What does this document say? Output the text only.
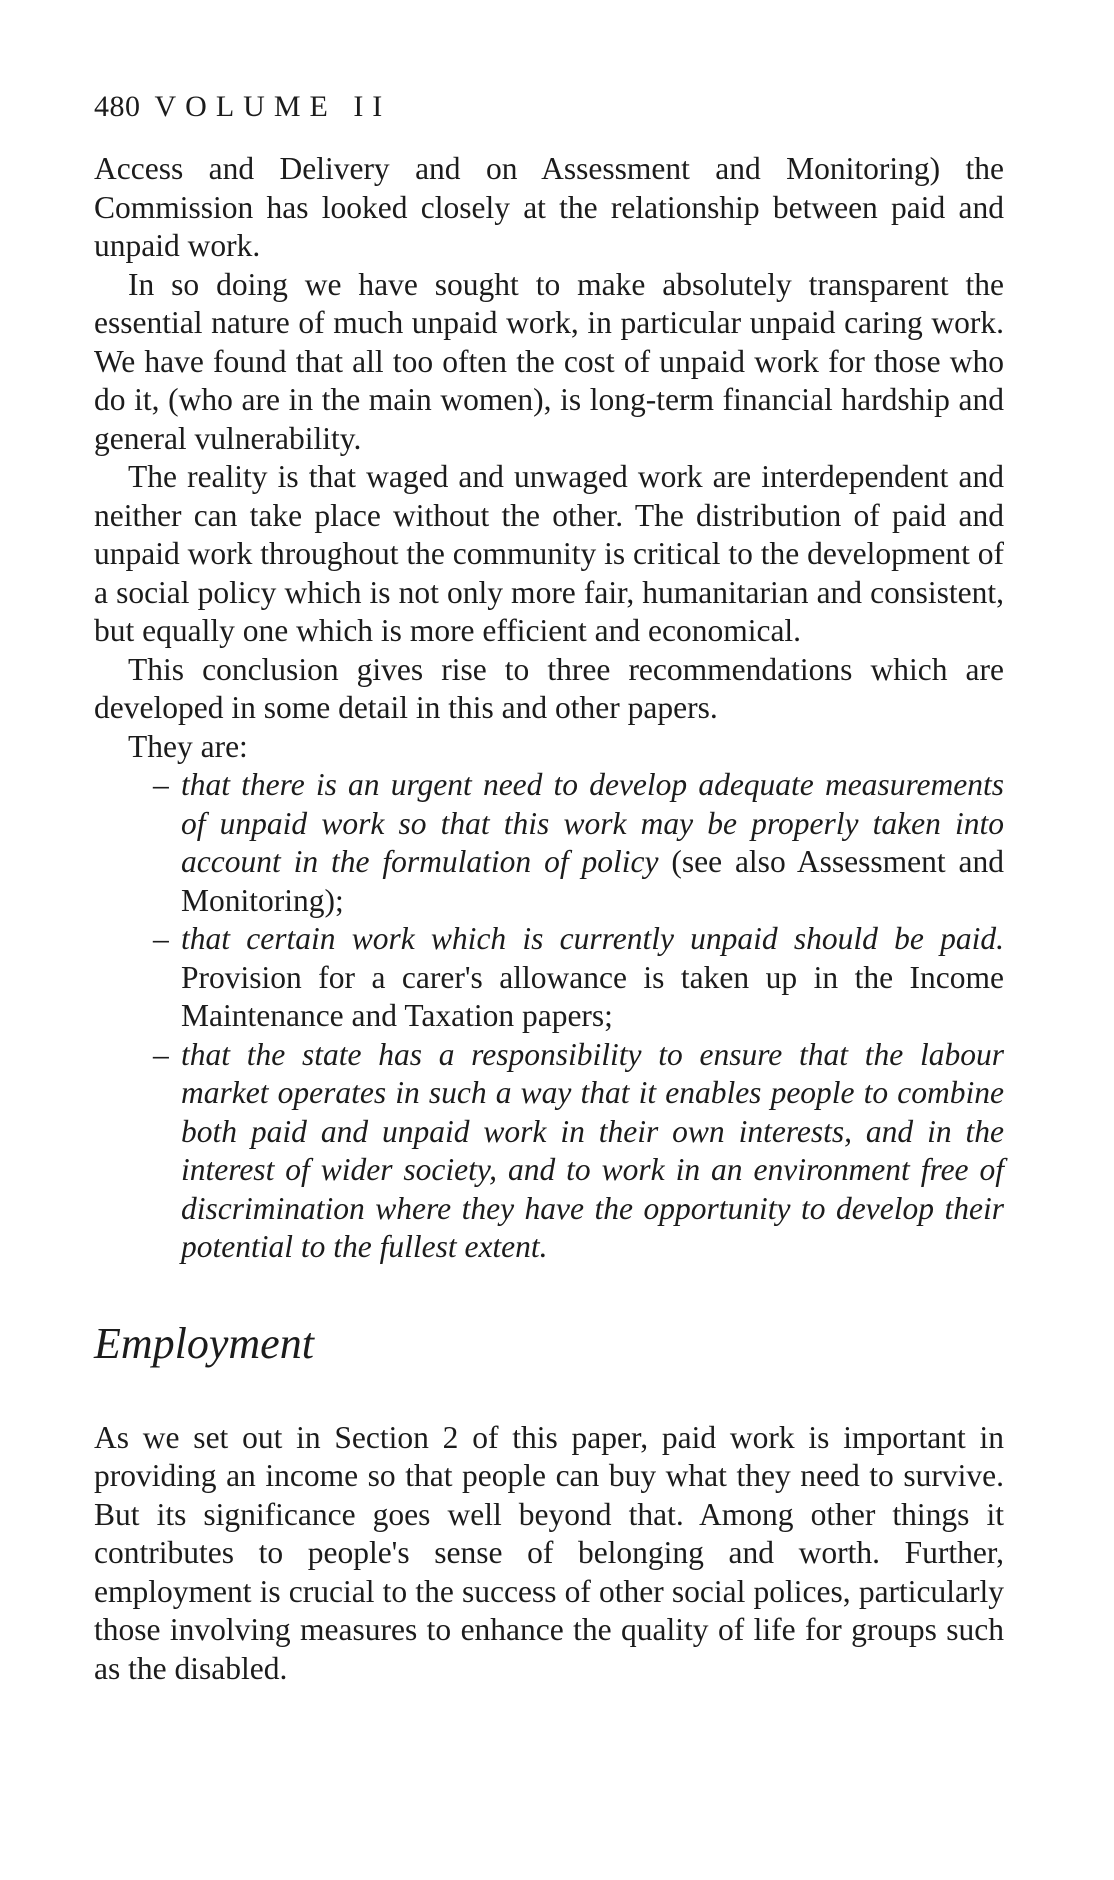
480 VOLUME II

Access and Delivery and on Assessment and Monitoring) the Commission has looked closely at the relationship between paid and unpaid work.

In so doing we have sought to make absolutely transparent the essential nature of much unpaid work, in particular unpaid caring work. We have found that all too often the cost of unpaid work for those who do it, (who are in the main women), is long-term financial hardship and general vulnerability.

The reality is that waged and unwaged work are interdependent and neither can take place without the other. The distribution of paid and unpaid work throughout the community is critical to the development of a social policy which is not only more fair, humanitarian and consistent, but equally one which is more efficient and economical.

This conclusion gives rise to three recommendations which are developed in some detail in this and other papers.

They are:

– that there is an urgent need to develop adequate measurements of unpaid work so that this work may be properly taken into account in the formulation of policy (see also Assessment and Monitoring);
– that certain work which is currently unpaid should be paid. Provision for a carer's allowance is taken up in the Income Maintenance and Taxation papers;
– that the state has a responsibility to ensure that the labour market operates in such a way that it enables people to combine both paid and unpaid work in their own interests, and in the interest of wider society, and to work in an environment free of discrimination where they have the opportunity to develop their potential to the fullest extent.
Employment

As we set out in Section 2 of this paper, paid work is important in providing an income so that people can buy what they need to survive. But its significance goes well beyond that. Among other things it contributes to people's sense of belonging and worth. Further, employment is crucial to the success of other social polices, particularly those involving measures to enhance the quality of life for groups such as the disabled.
